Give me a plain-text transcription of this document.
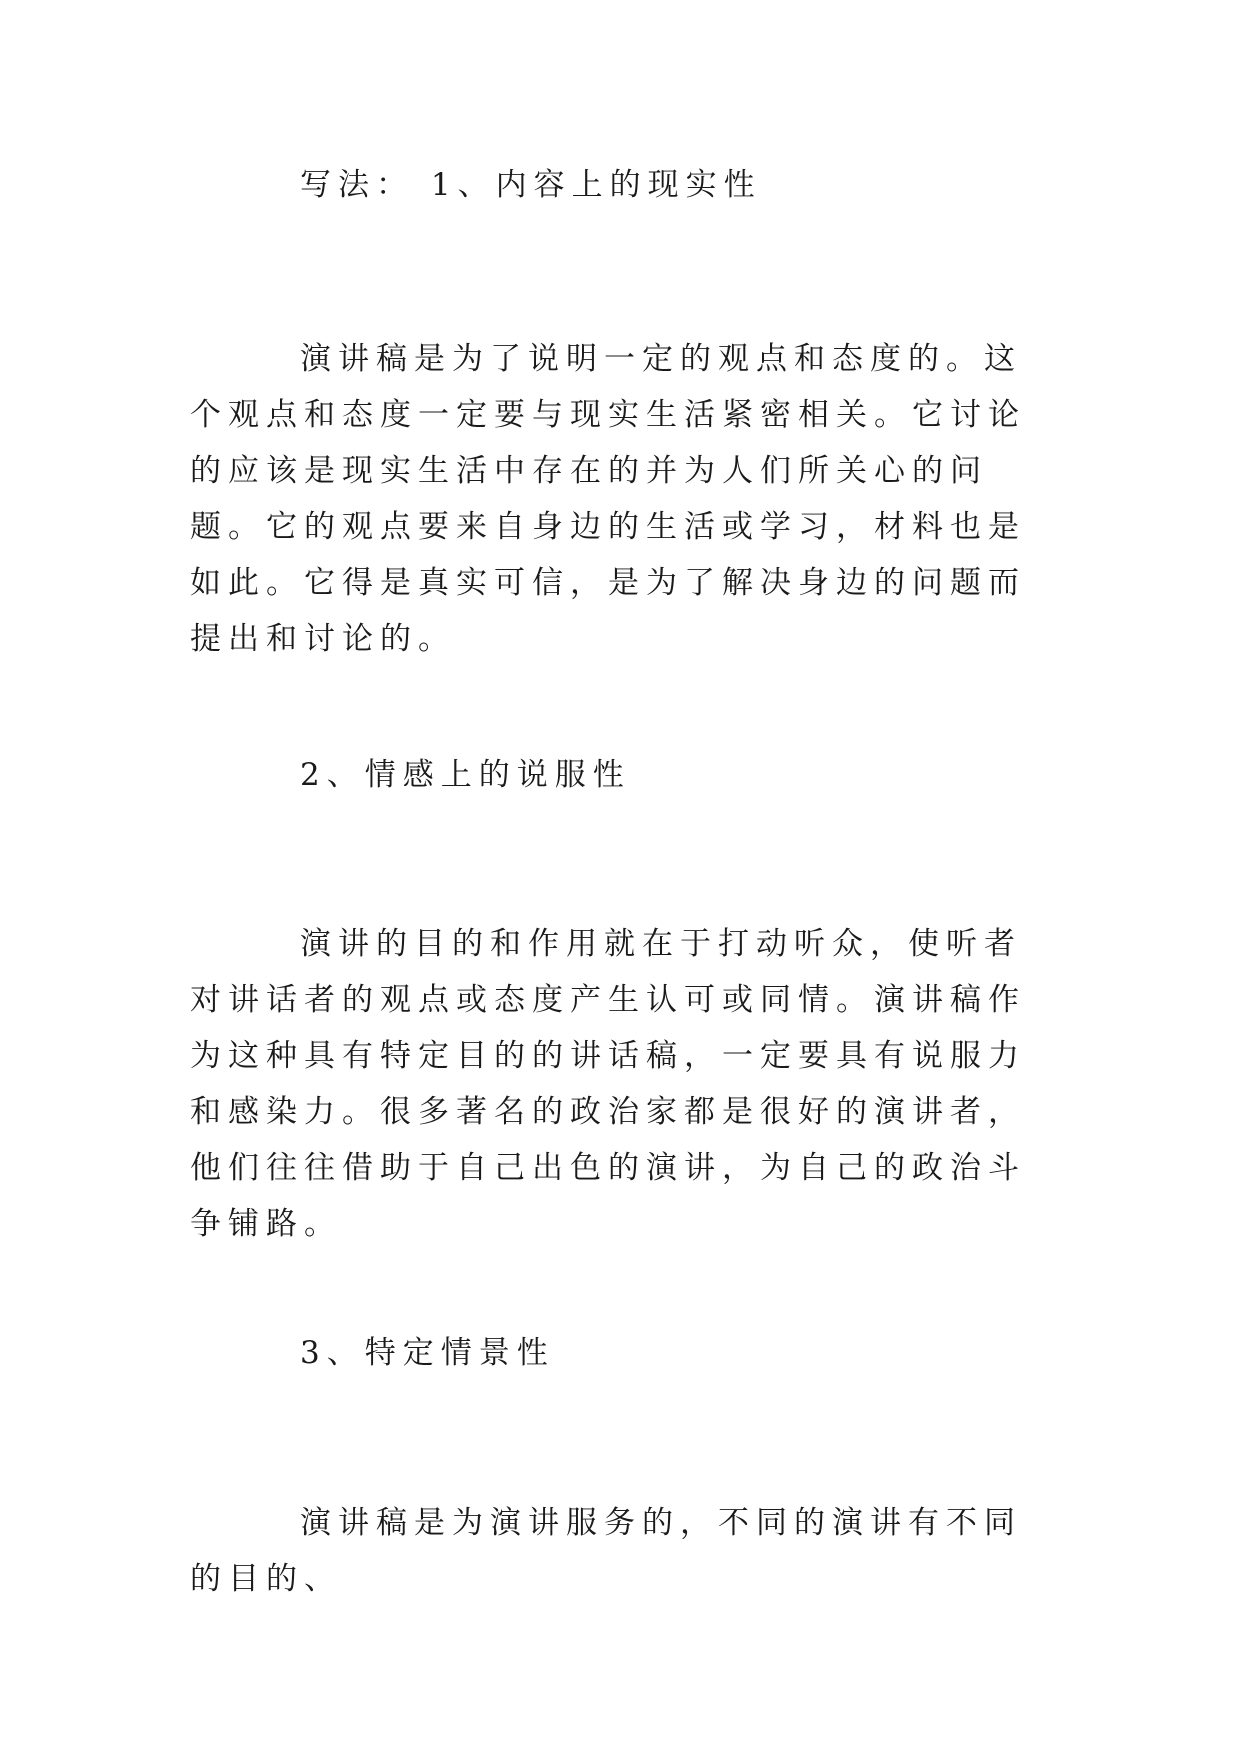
写法： 1、内容上的现实性
演讲稿是为了说明一定的观点和态度的。这个观点和态度一定要与现实生活紧密相关。它讨论的应该是现实生活中存在的并为人们所关心的问题。它的观点要来自身边的生活或学习，材料也是如此。它得是真实可信，是为了解决身边的问题而提出和讨论的。
2、情感上的说服性
演讲的目的和作用就在于打动听众，使听者对讲话者的观点或态度产生认可或同情。演讲稿作为这种具有特定目的的讲话稿，一定要具有说服力和感染力。很多著名的政治家都是很好的演讲者，他们往往借助于自己出色的演讲，为自己的政治斗争铺路。
3、特定情景性
演讲稿是为演讲服务的，不同的演讲有不同的目的、
